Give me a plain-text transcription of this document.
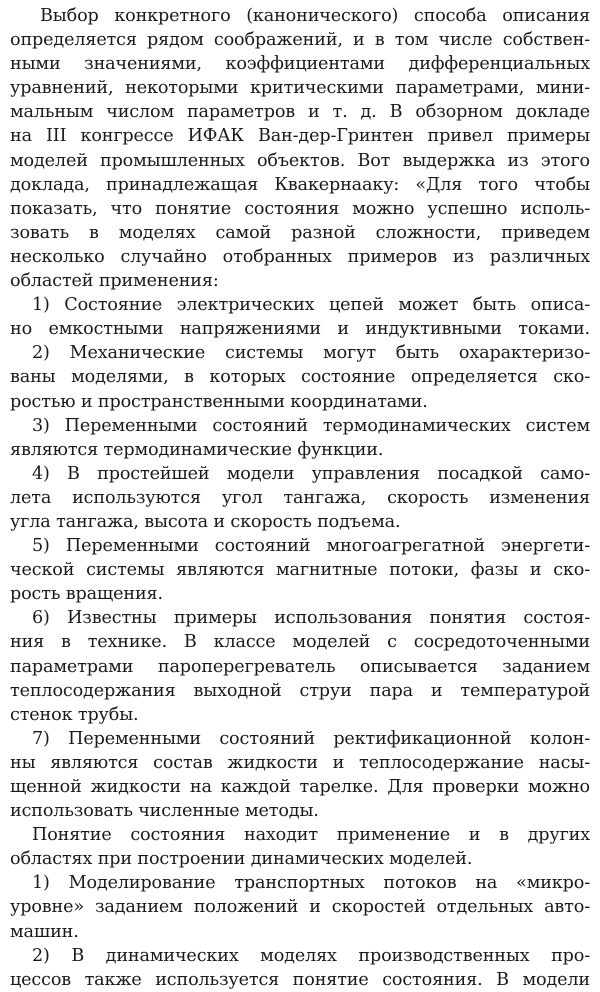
Выбор конкретного (канонического) способа описания
определяется рядом соображений, и в том числе собствен-
ными значениями, коэффициентами дифференциальных
уравнений, некоторыми критическими параметрами, мини-
мальным числом параметров и т. д. В обзорном докладе
на III конгрессе ИФАК Ван-дер-Гринтен привел примеры
моделей промышленных объектов. Вот выдержка из этого
доклада, принадлежащая Квакернааку: «Для того чтобы
показать, что понятие состояния можно успешно исполь-
зовать в моделях самой разной сложности, приведем
несколько случайно отобранных примеров из различных
областей применения:
1) Состояние электрических цепей может быть описа-
но емкостными напряжениями и индуктивными токами.
2) Механические системы могут быть охарактеризо-
ваны моделями, в которых состояние определяется ско-
ростью и пространственными координатами.
3) Переменными состояний термодинамических систем
являются термодинамические функции.
4) В простейшей модели управления посадкой само-
лета используются угол тангажа, скорость изменения
угла тангажа, высота и скорость подъема.
5) Переменными состояний многоагрегатной энергети-
ческой системы являются магнитные потоки, фазы и ско-
рость вращения.
6) Известны примеры использования понятия состоя-
ния в технике. В классе моделей с сосредоточенными
параметрами пароперегреватель описывается заданием
теплосодержания выходной струи пара и температурой
стенок трубы.
7) Переменными состояний ректификационной колон-
ны являются состав жидкости и теплосодержание насы-
щенной жидкости на каждой тарелке. Для проверки можно
использовать численные методы.
Понятие состояния находит применение и в других
областях при построении динамических моделей.
1) Моделирование транспортных потоков на «микро-
уровне» заданием положений и скоростей отдельных авто-
машин.
2) В динамических моделях производственных про-
цессов также используется понятие состояния. В модели
